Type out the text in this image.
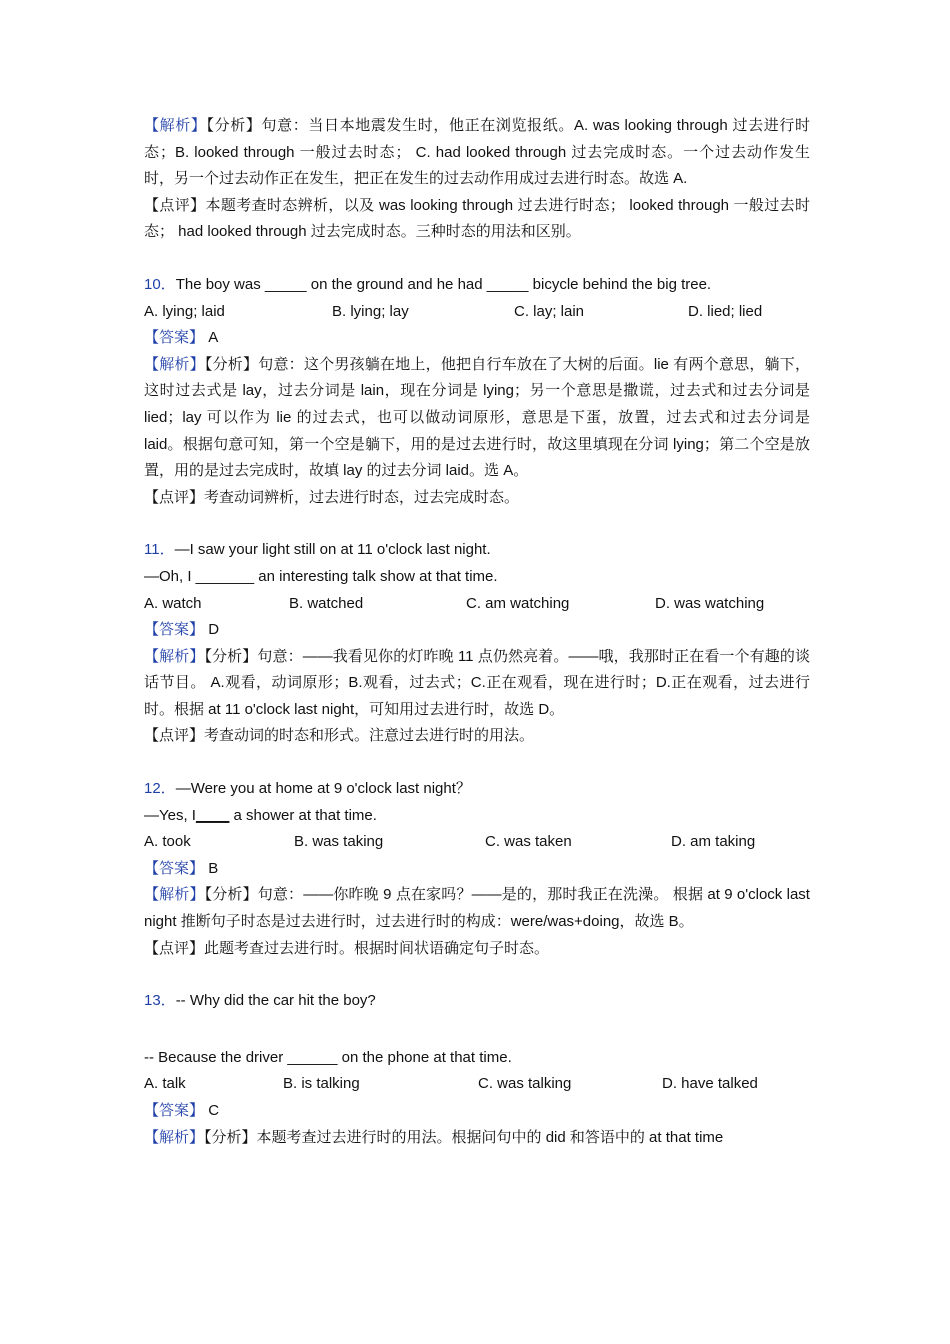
【解析】【分析】句意：当日本地震发生时，他正在浏览报纸。A. was looking through 过去进行时态；B. looked through 一般过去时态； C. had looked through 过去完成时态。一个过去动作发生时，另一个过去动作正在发生，把正在发生的过去动作用成过去进行时态。故选 A.

【点评】本题考查时态辨析，以及 was looking through 过去进行时态； looked through 一般过去时态； had looked through 过去完成时态。三种时态的用法和区别。

10．The boy was _____ on the ground and he had _____ bicycle behind the big tree.

A. lying; laid	B. lying; lay	C. lay; lain	D. lied; lied

【答案】 A

【解析】【分析】句意：这个男孩躺在地上，他把自行车放在了大树的后面。lie 有两个意思，躺下，这时过去式是 lay，过去分词是 lain，现在分词是 lying；另一个意思是撒谎，过去式和过去分词是 lied；lay 可以作为 lie 的过去式，也可以做动词原形，意思是下蛋，放置，过去式和过去分词是 laid。根据句意可知，第一个空是躺下，用的是过去进行时，故这里填现在分词 lying；第二个空是放置，用的是过去完成时，故填 lay 的过去分词 laid。选 A。

【点评】考查动词辨析，过去进行时态，过去完成时态。

11．—I saw your light still on at 11 o'clock last night.

—Oh, I _______ an interesting talk show at that time.

A. watch	B. watched	C. am watching	D. was watching

【答案】 D

【解析】【分析】句意：——我看见你的灯昨晚 11 点仍然亮着。——哦，我那时正在看一个有趣的谈话节目。 A.观看，动词原形；B.观看，过去式；C.正在观看，现在进行时；D.正在观看，过去进行时。根据 at 11 o'clock last night，可知用过去进行时，故选 D。

【点评】考查动词的时态和形式。注意过去进行时的用法。

12．—Were you at home at 9 o'clock last night？

—Yes, I____ a shower at that time.

A. took	B. was taking	C. was taken	D. am taking

【答案】 B

【解析】【分析】句意：——你昨晚 9 点在家吗？——是的，那时我正在洗澡。 根据 at 9 o'clock last night 推断句子时态是过去进行时，过去进行时的构成：were/was+doing，故选 B。

【点评】此题考查过去进行时。根据时间状语确定句子时态。

13．-- Why did the car hit the boy?

-- Because the driver ______ on the phone at that time.

A. talk	B. is talking	C. was talking	D. have talked

【答案】 C

【解析】【分析】本题考查过去进行时的用法。根据问句中的 did 和答语中的 at that time
